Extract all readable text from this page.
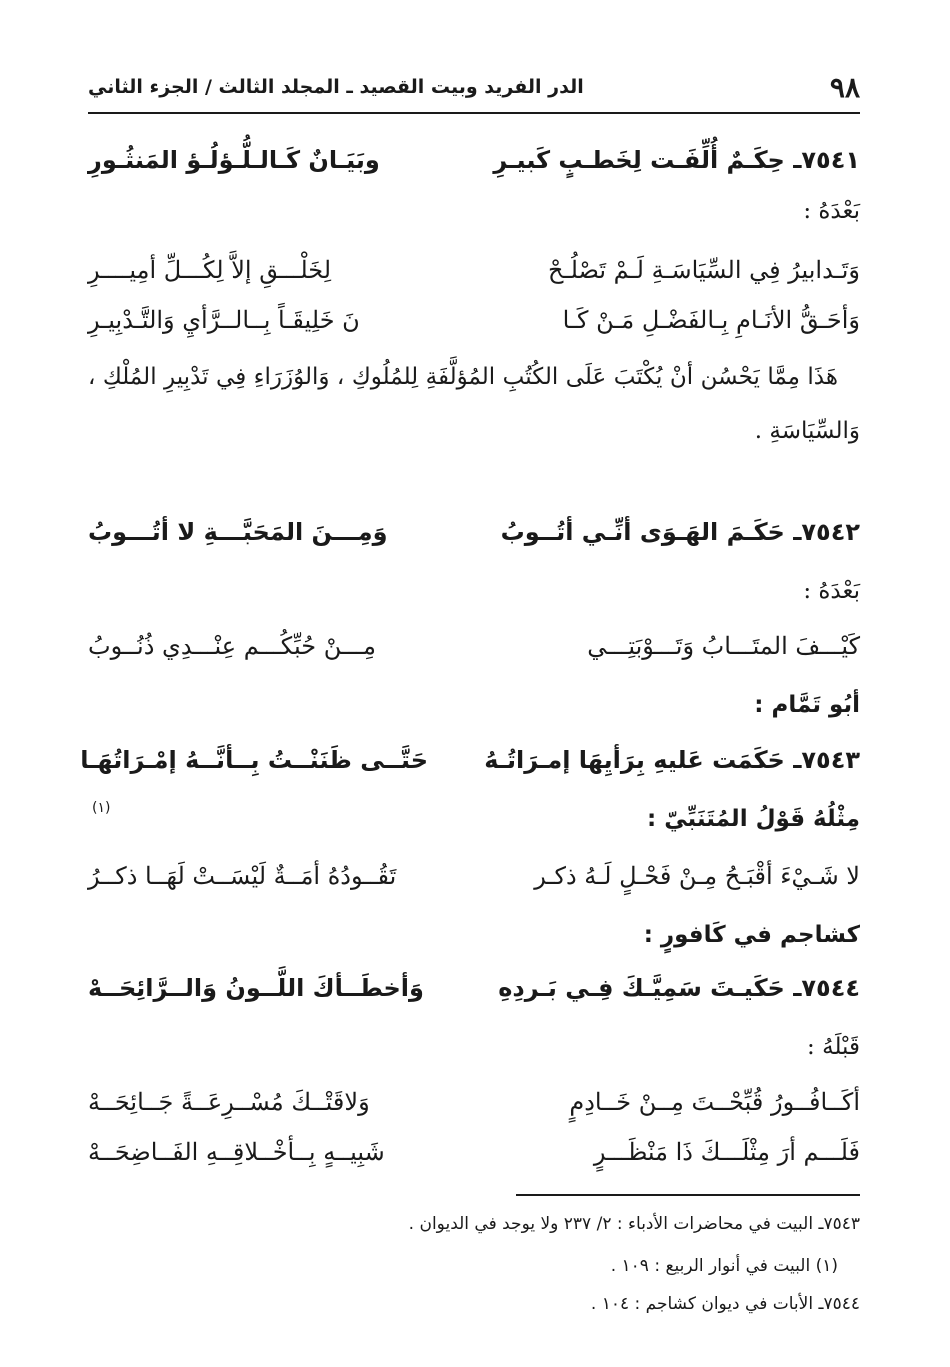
٩٨
الدر الفريد وبيت القصيد ـ المجلد الثالث / الجزء الثاني
٧٥٤١ـ حِكَـمٌ أُلِّفَـت لِخَطـبٍ كَبيـرِ
وبَيَـانٌ كَـالـلُّـؤلُـؤ المَنثُـورِ
بَعْدَهُ :
وَتَـدابيرُ فِي السِّيَاسَـةِ لَـمْ تَصْلُـحْ
لِخَلْـــقِ إلاَّ لِكُـــلِّ أمِيــــرِ
وَأحَـقُّ الأنَـامِ بِـالفَضْـلِ مَـنْ كَـا
نَ خَلِيقَـاً بِــالــرَّأيِ وَالتَّـدْبِيـرِ
هَذَا مِمَّا يَحْسُن أنْ يُكْتَبَ عَلَى الكُتُبِ المُؤلَّفَةِ لِلمُلُوكِ ، وَالوُزَرَاءِ فِي تَدْبِيرِ المُلْكِ ، وَالسِّيَاسَةِ .
٧٥٤٢ـ حَكَـمَ الهَـوَى أنِّـي أتُــوبُ
وَمِـــنَ المَحَبَّـــةِ لا أتُـــوبُ
بَعْدَهُ :
كَيْـــفَ المتَـــابُ وَتَـــوْبَتِـــي
مِـــنْ حُبِّكُـــم عِنْـــدِي ذُنُــوبُ
أبُو تَمَّام :
٧٥٤٣ـ حَكَمَت عَليهِ بِرَأيِهَا إمـرَاتُـهُ
حَتَّــى ظَنَنْــتُ بِــأنَّــهُ إمْـرَاتُهَـا
(١)	مِثْلُهُ قَوْلُ المُتَنَبِّيّ :
لا شَـيْءَ أقْبَـحُ مِـنْ فَحْـلٍ لَـهُ ذكـر
تَقُــودُهُ أمَــةٌ لَيْسَــتْ لَهَــا ذكــرُ
كشاجم في كَافورٍ :
٧٥٤٤ـ حَكَيـتَ سَمِيَّـكَ فِـي بَـردِهِ
وَأخطَــأكَ اللَّــونُ وَالــرَّائِحَــهْ
قَبْلَهُ :
أكَــافُــورُ قُبِّحْــتَ مِــنْ خَــادِمٍ
وَلاقَتْــكَ مُسْــرِعَــةً جَــائِحَــهْ
فَلَـــم أرَ مِثْلَـــكَ ذَا مَنْظَـــرٍ
شَبِيــهٍ بِــأخْــلاقِــهِ الفَــاضِحَــهْ
٧٥٤٣ـ البيت في محاضرات الأدباء : ٢/ ٢٣٧ ولا يوجد في الديوان .
(١) البيت في أنوار الربيع : ١٠٩ .
٧٥٤٤ـ الأبات في ديوان كشاجم : ١٠٤ .
